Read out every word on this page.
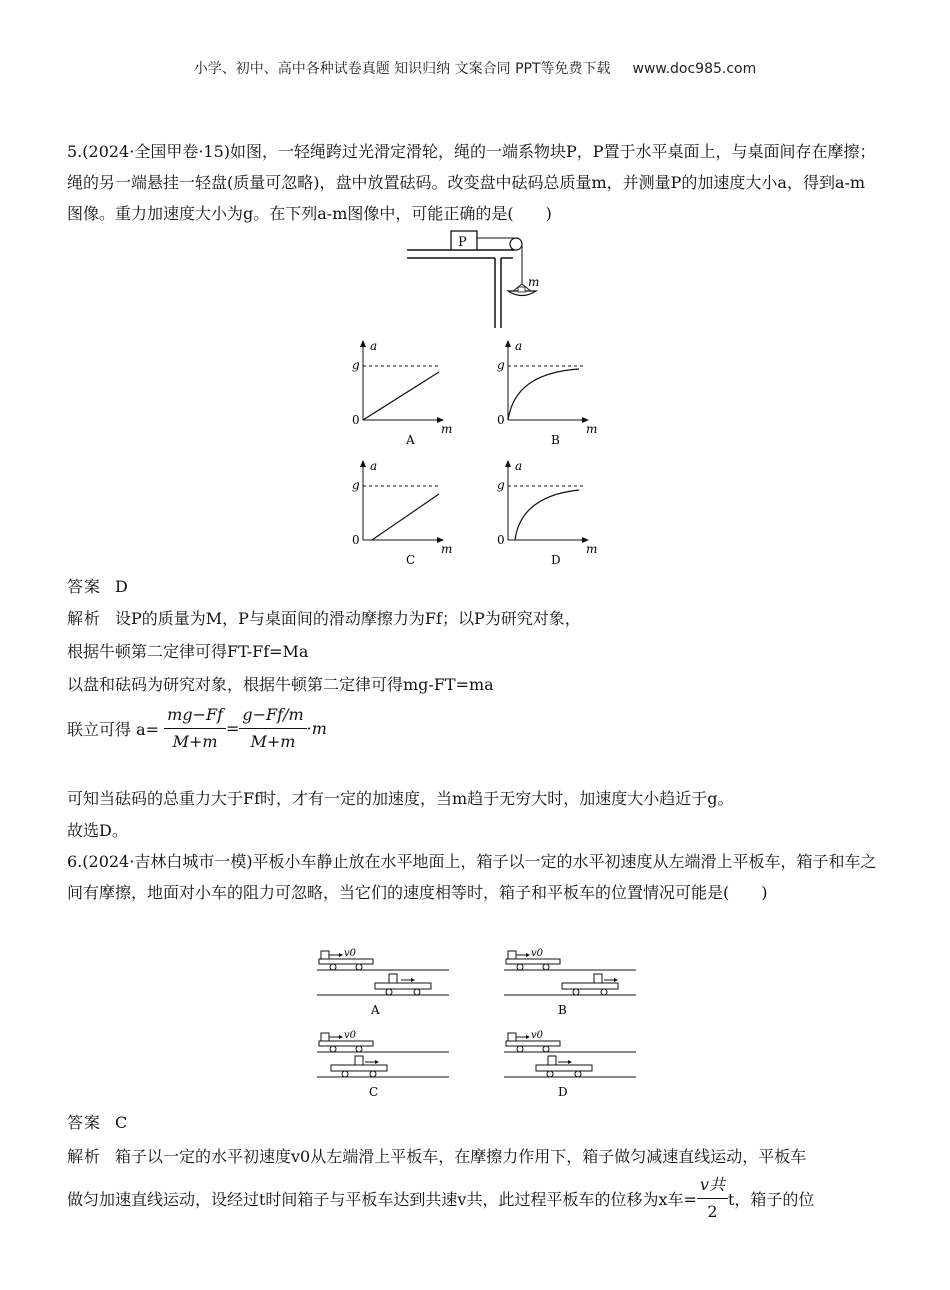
小学、初中、高中各种试卷真题 知识归纳 文案合同 PPT等免费下载 www.doc985.com

5.(2024·全国甲卷·15)如图，一轻绳跨过光滑定滑轮，绳的一端系物块P，P置于水平桌面上，与桌面间存在摩擦；绳的另一端悬挂一轻盘(质量可忽略)，盘中放置砝码。改变盘中砝码总质量m，并测量P的加速度大小a，得到a-m图像。重力加速度大小为g。在下列a-m图像中，可能正确的是(　　)

P
m
a
g
0
m
A
a
g
0
m
B
a
g
0
m
C
a
g
0
m
D
答案 D
解析 设P的质量为M，P与桌面间的滑动摩擦力为Ff；以P为研究对象，
根据牛顿第二定律可得FT-Ff=Ma
以盘和砝码为研究对象，根据牛顿第二定律可得mg-FT=ma
联立可得 $a= \frac{mg-Ff}{M+m} = \frac{g-Ff/m}{M+m} \cdot m$
可知当砝码的总重力大于Ff时，才有一定的加速度，当m趋于无穷大时，加速度大小趋近于g。
故选D。

6.(2024·吉林白城市一模)平板小车静止放在水平地面上，箱子以一定的水平初速度从左端滑上平板车，箱子和车之间有摩擦，地面对小车的阻力可忽略，当它们的速度相等时，箱子和平板车的位置情况可能是(　　)

v0
A
v0
B
v0
C
v0
D
答案 C
解析 箱子以一定的水平初速度v0从左端滑上平板车，在摩擦力作用下，箱子做匀减速直线运动，平板车
做匀加速直线运动，设经过t时间箱子与平板车达到共速v共，此过程平板车的位移为x车= $\frac{\text{v共}}{2}$ t，箱子的位
